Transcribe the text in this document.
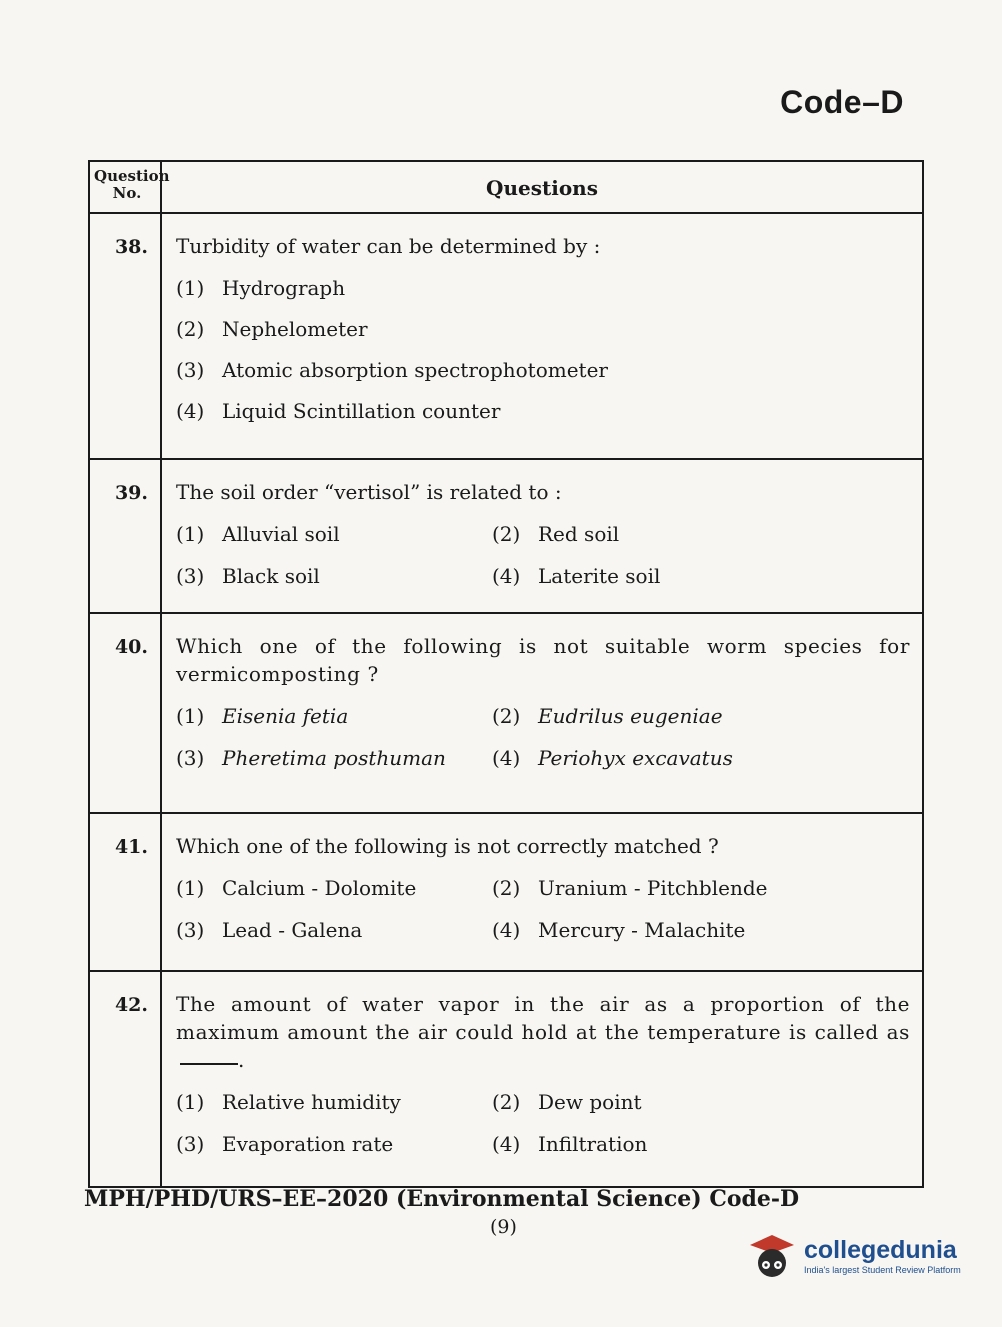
Code–D
Question No.	Questions
38.	Turbidity of water can be determined by :
(1) Hydrograph
(2) Nephelometer
(3) Atomic absorption spectrophotometer
(4) Liquid Scintillation counter
39.	The soil order “vertisol” is related to :
(1) Alluvial soil	(2) Red soil
(3) Black soil	(4) Laterite soil
40.	Which one of the following is not suitable worm species for vermicomposting ?
(1) Eisenia fetia	(2) Eudrilus eugeniae
(3) Pheretima posthuman	(4) Periohyx excavatus
41.	Which one of the following is not correctly matched ?
(1) Calcium - Dolomite	(2) Uranium - Pitchblende
(3) Lead - Galena	(4) Mercury - Malachite
42.	The amount of water vapor in the air as a proportion of the maximum amount the air could hold at the temperature is called as.
(1) Relative humidity	(2) Dew point
(3) Evaporation rate	(4) Infiltration
MPH/PHD/URS–EE–2020 (Environmental Science) Code-D
(9)
collegedunia
India's largest Student Review Platform
